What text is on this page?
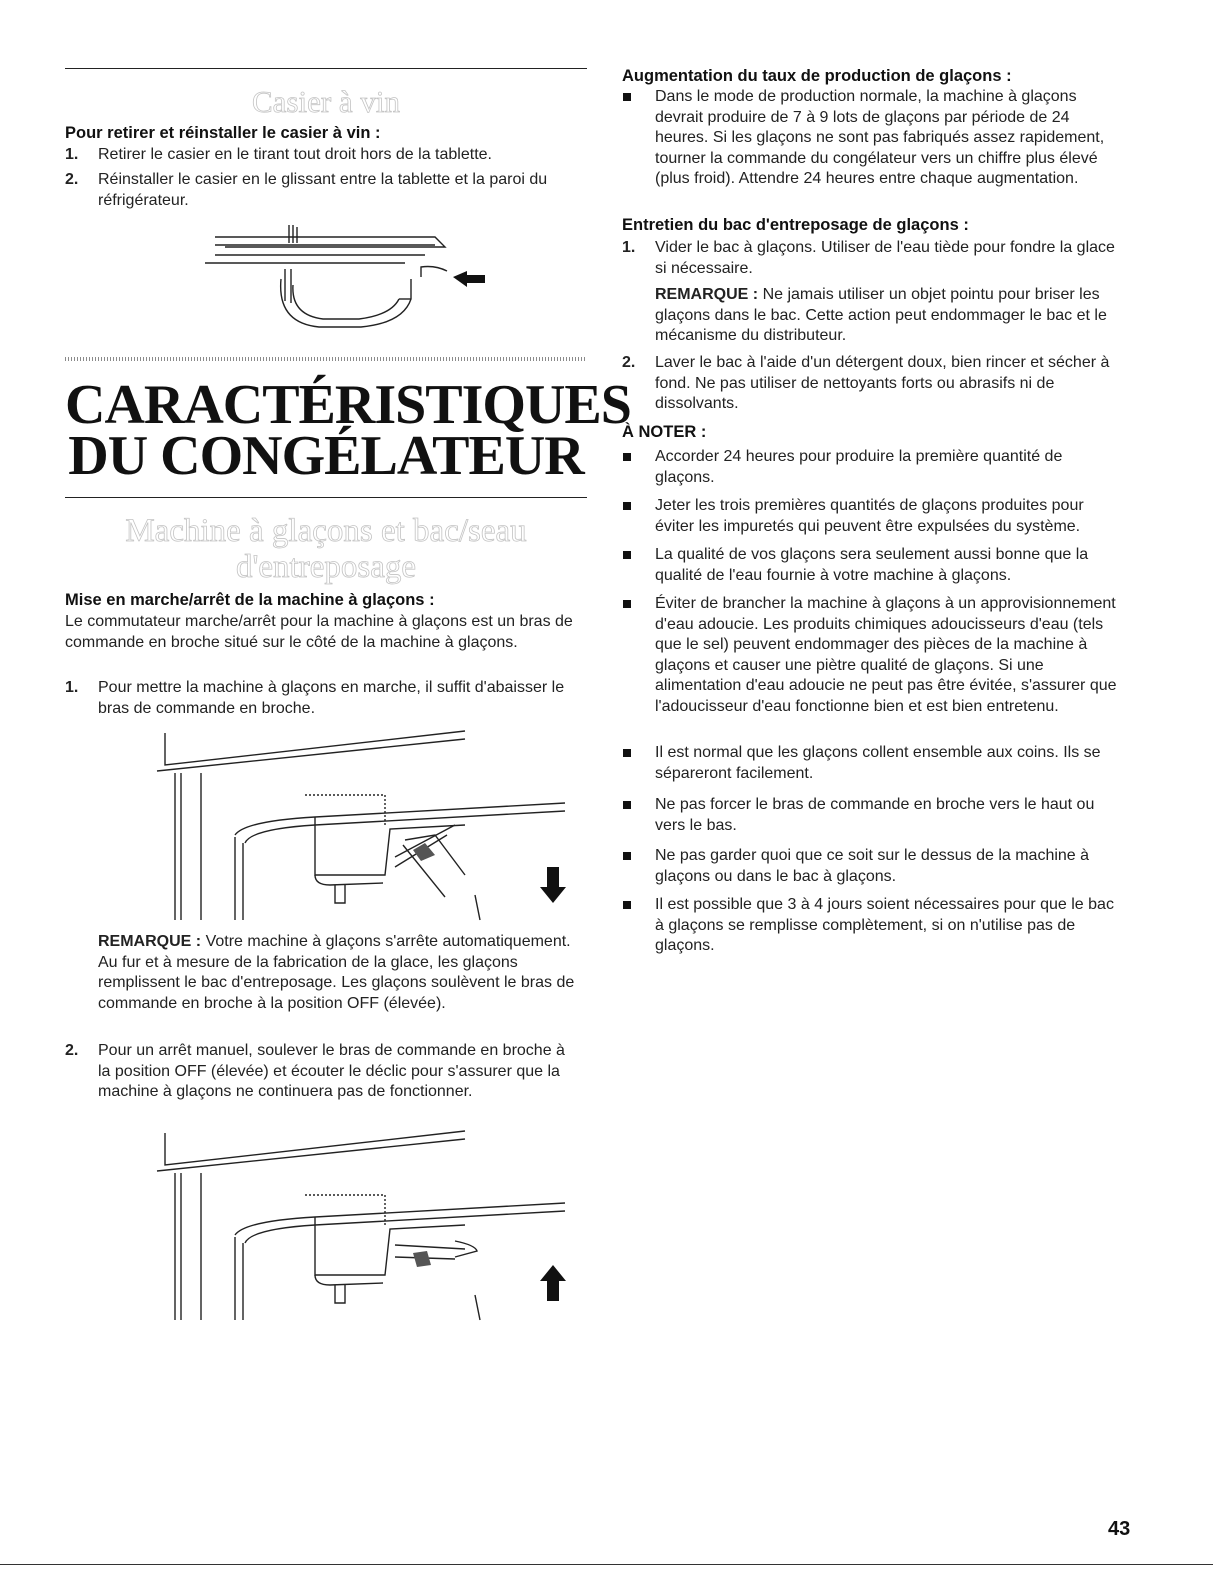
Casier à vin
Pour retirer et réinstaller le casier à vin :
1. Retirer le casier en le tirant tout droit hors de la tablette.
2. Réinstaller le casier en le glissant entre la tablette et la paroi du réfrigérateur.
CARACTÉRISTIQUES
DU CONGÉLATEUR
Machine à glaçons et bac/seau
d'entreposage
Mise en marche/arrêt de la machine à glaçons :
Le commutateur marche/arrêt pour la machine à glaçons est un bras de commande en broche situé sur le côté de la machine à glaçons.
1. Pour mettre la machine à glaçons en marche, il suffit d'abaisser le bras de commande en broche.
REMARQUE : Votre machine à glaçons s'arrête automatiquement. Au fur et à mesure de la fabrication de la glace, les glaçons remplissent le bac d'entreposage. Les glaçons soulèvent le bras de commande en broche à la position OFF (élevée).
2. Pour un arrêt manuel, soulever le bras de commande en broche à la position OFF (élevée) et écouter le déclic pour s'assurer que la machine à glaçons ne continuera pas de fonctionner.
Augmentation du taux de production de glaçons :
Dans le mode de production normale, la machine à glaçons devrait produire de 7 à 9 lots de glaçons par période de 24 heures. Si les glaçons ne sont pas fabriqués assez rapidement, tourner la commande du congélateur vers un chiffre plus élevé (plus froid). Attendre 24 heures entre chaque augmentation.
Entretien du bac d'entreposage de glaçons :
1. Vider le bac à glaçons. Utiliser de l'eau tiède pour fondre la glace si nécessaire.
REMARQUE : Ne jamais utiliser un objet pointu pour briser les glaçons dans le bac. Cette action peut endommager le bac et le mécanisme du distributeur.
2. Laver le bac à l'aide d'un détergent doux, bien rincer et sécher à fond. Ne pas utiliser de nettoyants forts ou abrasifs ni de dissolvants.
À NOTER :
Accorder 24 heures pour produire la première quantité de glaçons.
Jeter les trois premières quantités de glaçons produites pour éviter les impuretés qui peuvent être expulsées du système.
La qualité de vos glaçons sera seulement aussi bonne que la qualité de l'eau fournie à votre machine à glaçons.
Éviter de brancher la machine à glaçons à un approvisionnement d'eau adoucie. Les produits chimiques adoucisseurs d'eau (tels que le sel) peuvent endommager des pièces de la machine à glaçons et causer une piètre qualité de glaçons. Si une alimentation d'eau adoucie ne peut pas être évitée, s'assurer que l'adoucisseur d'eau fonctionne bien et est bien entretenu.
Il est normal que les glaçons collent ensemble aux coins. Ils se sépareront facilement.
Ne pas forcer le bras de commande en broche vers le haut ou vers le bas.
Ne pas garder quoi que ce soit sur le dessus de la machine à glaçons ou dans le bac à glaçons.
Il est possible que 3 à 4 jours soient nécessaires pour que le bac à glaçons se remplisse complètement, si on n'utilise pas de glaçons.
43
